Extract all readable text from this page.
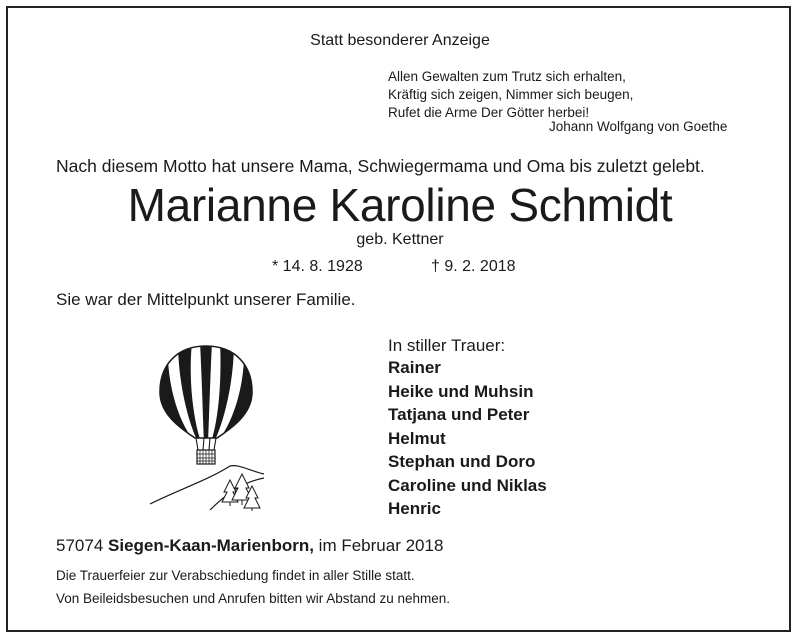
Statt besonderer Anzeige
Allen Gewalten zum Trutz sich erhalten,
Kräftig sich zeigen, Nimmer sich beugen,
Rufet die Arme Der Götter herbei!
Johann Wolfgang von Goethe
Nach diesem Motto hat unsere Mama, Schwiegermama und Oma bis zuletzt gelebt.
Marianne Karoline Schmidt
geb. Kettner
* 14. 8. 1928	† 9. 2. 2018
Sie war der Mittelpunkt unserer Familie.
In stiller Trauer:
Rainer
Heike und Muhsin
Tatjana und Peter
Helmut
Stephan und Doro
Caroline und Niklas
Henric
57074 Siegen-Kaan-Marienborn, im Februar 2018
Die Trauerfeier zur Verabschiedung findet in aller Stille statt.
Von Beileidsbesuchen und Anrufen bitten wir Abstand zu nehmen.
